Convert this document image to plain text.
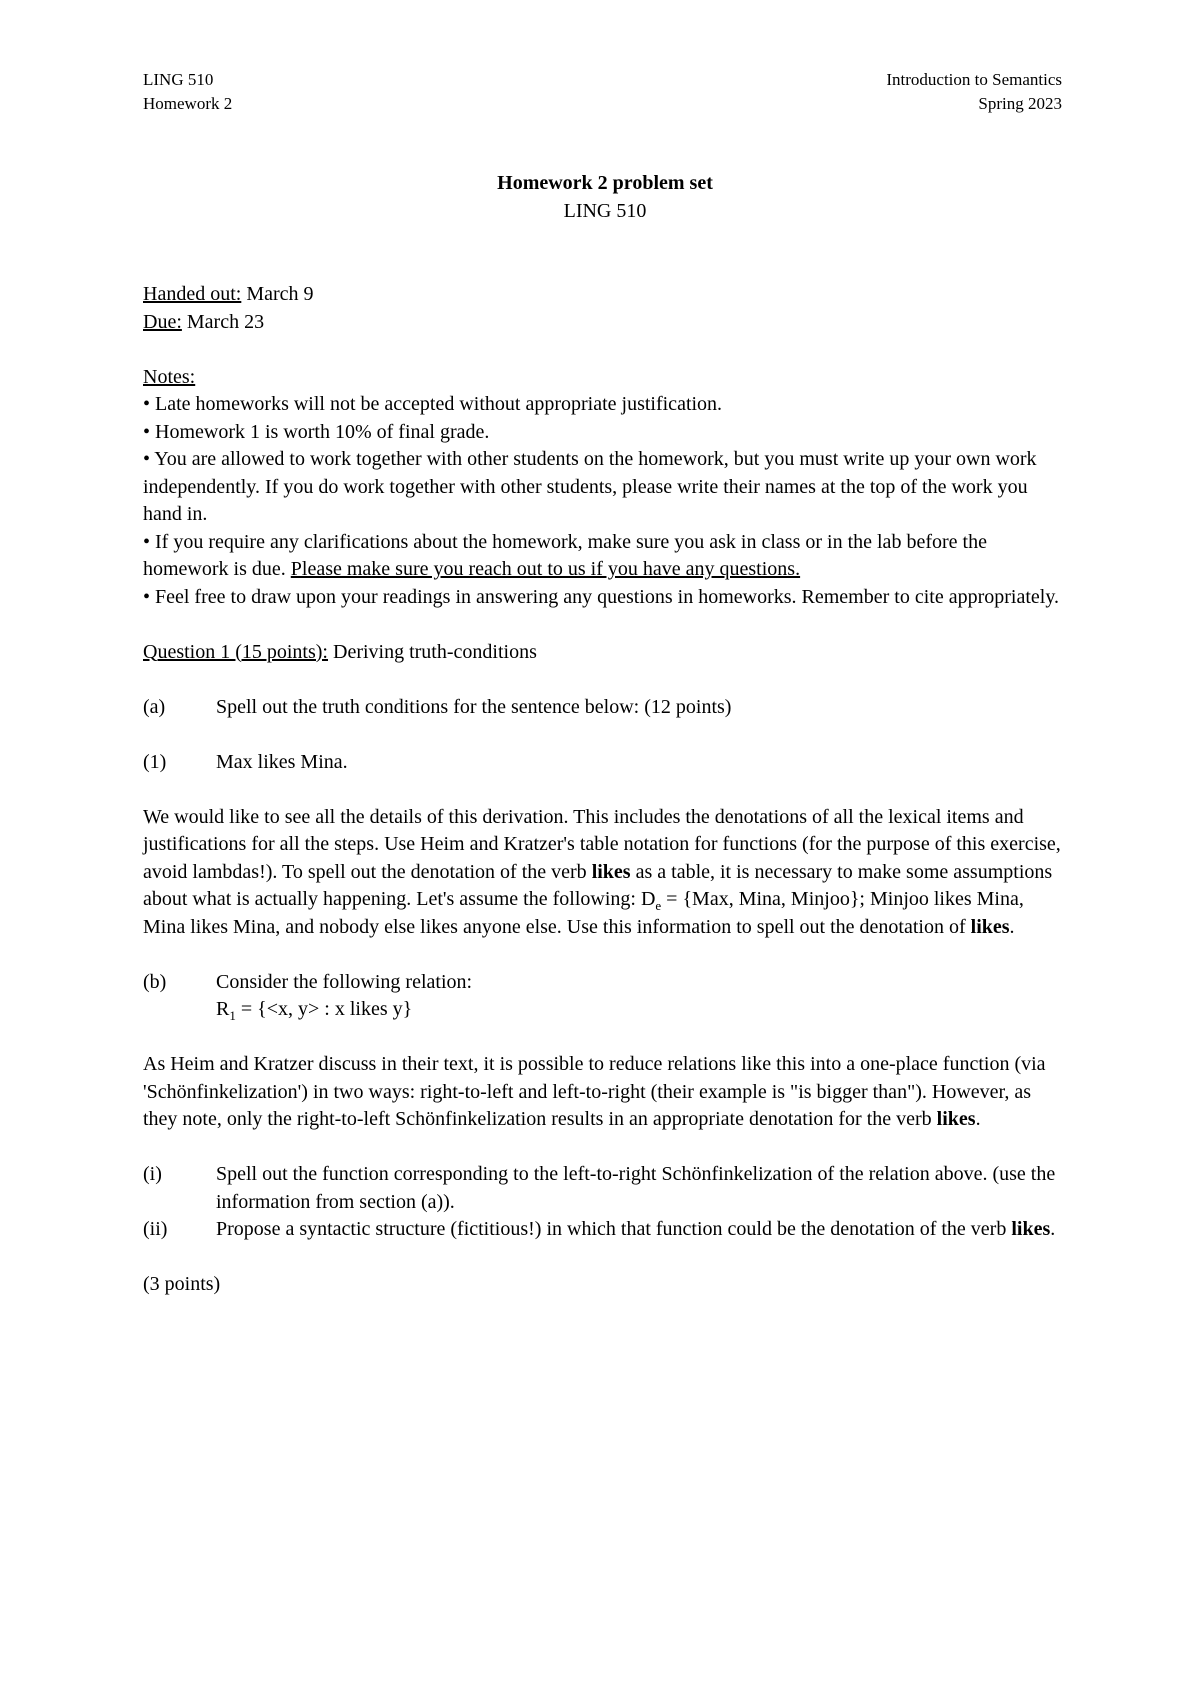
LING 510
Homework 2
Introduction to Semantics
Spring 2023
Homework 2 problem set
LING 510

Handed out: March 9

Due: March 23

Notes:

• Late homeworks will not be accepted without appropriate justification.

• Homework 1 is worth 10% of final grade.

• You are allowed to work together with other students on the homework, but you must write up your own work independently. If you do work together with other students, please write their names at the top of the work you hand in.

• If you require any clarifications about the homework, make sure you ask in class or in the lab before the homework is due. Please make sure you reach out to us if you have any questions.

• Feel free to draw upon your readings in answering any questions in homeworks. Remember to cite appropriately.

Question 1 (15 points): Deriving truth-conditions

(a)	Spell out the truth conditions for the sentence below: (12 points)
(1)	Max likes Mina.

We would like to see all the details of this derivation. This includes the denotations of all the lexical items and justifications for all the steps. Use Heim and Kratzer's table notation for functions (for the purpose of this exercise, avoid lambdas!). To spell out the denotation of the verb likes as a table, it is necessary to make some assumptions about what is actually happening. Let's assume the following: $D_e = \{Max$, Mina, Minjoo}; Minjoo likes Mina, Mina likes Mina, and nobody else likes anyone else. Use this information to spell out the denotation of likes.

(b)	Consider the following relation:
$R_1 = \{<x$, y> : x likes y}

As Heim and Kratzer discuss in their text, it is possible to reduce relations like this into a one-place function (via 'Schönfinkelization') in two ways: right-to-left and left-to-right (their example is "is bigger than"). However, as they note, only the right-to-left Schönfinkelization results in an appropriate denotation for the verb likes.

(i)	Spell out the function corresponding to the left-to-right Schönfinkelization of the relation above. (use the information from section (a)).
(ii)	Propose a syntactic structure (fictitious!) in which that function could be the denotation of the verb likes.

(3 points)
